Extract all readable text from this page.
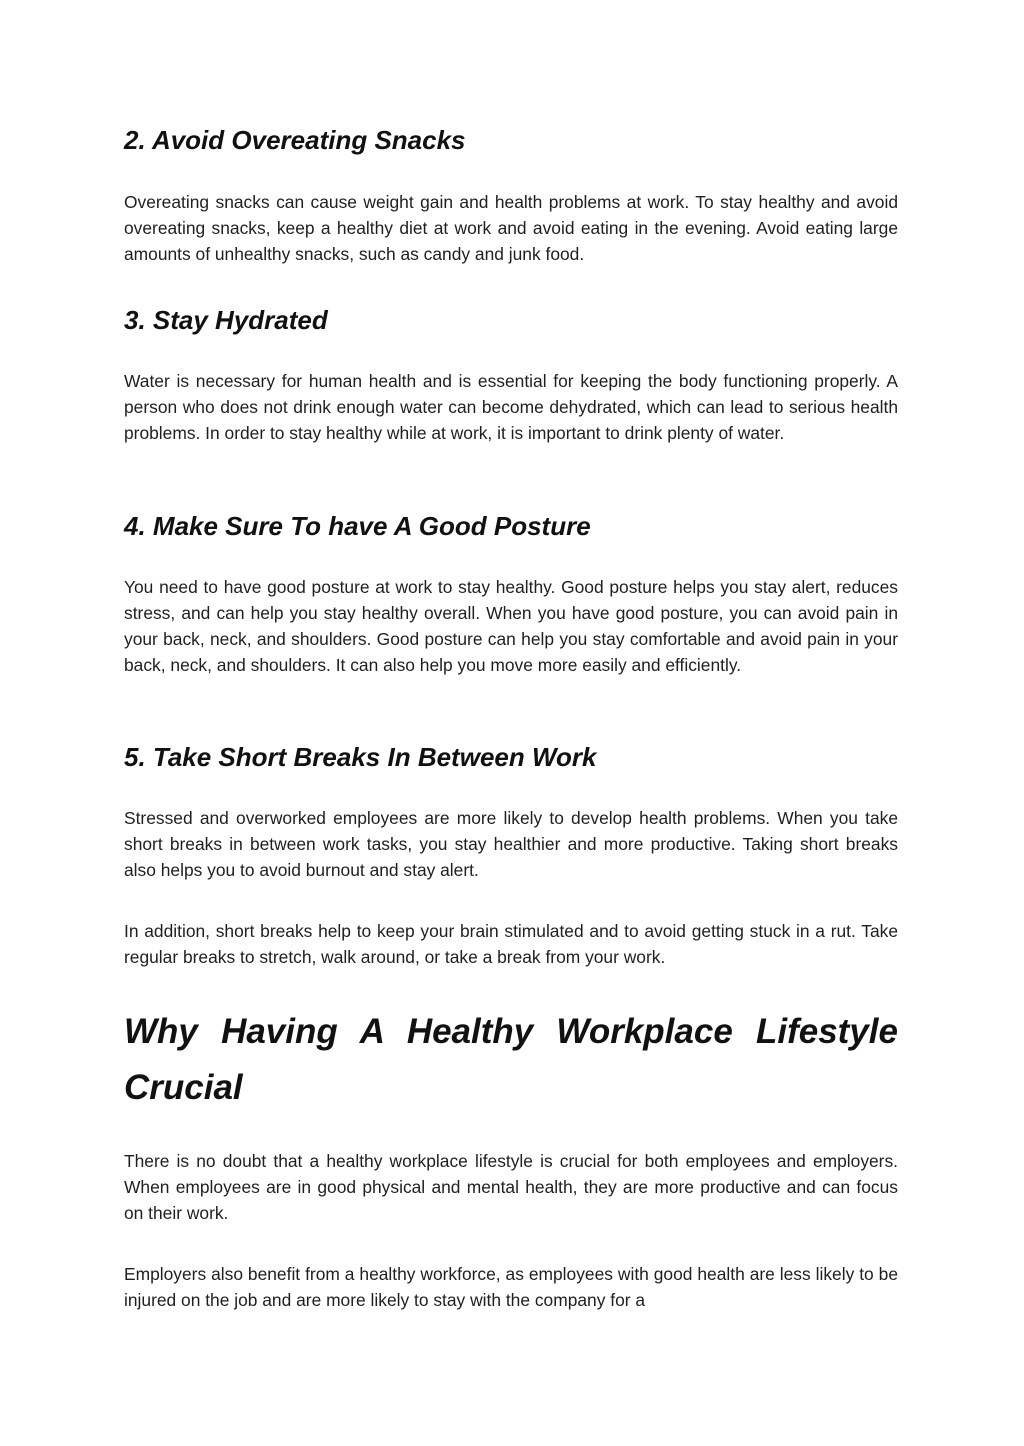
2. Avoid Overeating Snacks

Overeating snacks can cause weight gain and health problems at work. To stay healthy and avoid overeating snacks, keep a healthy diet at work and avoid eating in the evening. Avoid eating large amounts of unhealthy snacks, such as candy and junk food.

3. Stay Hydrated

Water is necessary for human health and is essential for keeping the body functioning properly. A person who does not drink enough water can become dehydrated, which can lead to serious health problems. In order to stay healthy while at work, it is important to drink plenty of water.

4. Make Sure To have A Good Posture

You need to have good posture at work to stay healthy. Good posture helps you stay alert, reduces stress, and can help you stay healthy overall. When you have good posture, you can avoid pain in your back, neck, and shoulders. Good posture can help you stay comfortable and avoid pain in your back, neck, and shoulders. It can also help you move more easily and efficiently.

5. Take Short Breaks In Between Work

Stressed and overworked employees are more likely to develop health problems. When you take short breaks in between work tasks, you stay healthier and more productive. Taking short breaks also helps you to avoid burnout and stay alert.

In addition, short breaks help to keep your brain stimulated and to avoid getting stuck in a rut. Take regular breaks to stretch, walk around, or take a break from your work.

Why Having A Healthy Workplace Lifestyle Crucial

There is no doubt that a healthy workplace lifestyle is crucial for both employees and employers. When employees are in good physical and mental health, they are more productive and can focus on their work.

Employers also benefit from a healthy workforce, as employees with good health are less likely to be injured on the job and are more likely to stay with the company for a
